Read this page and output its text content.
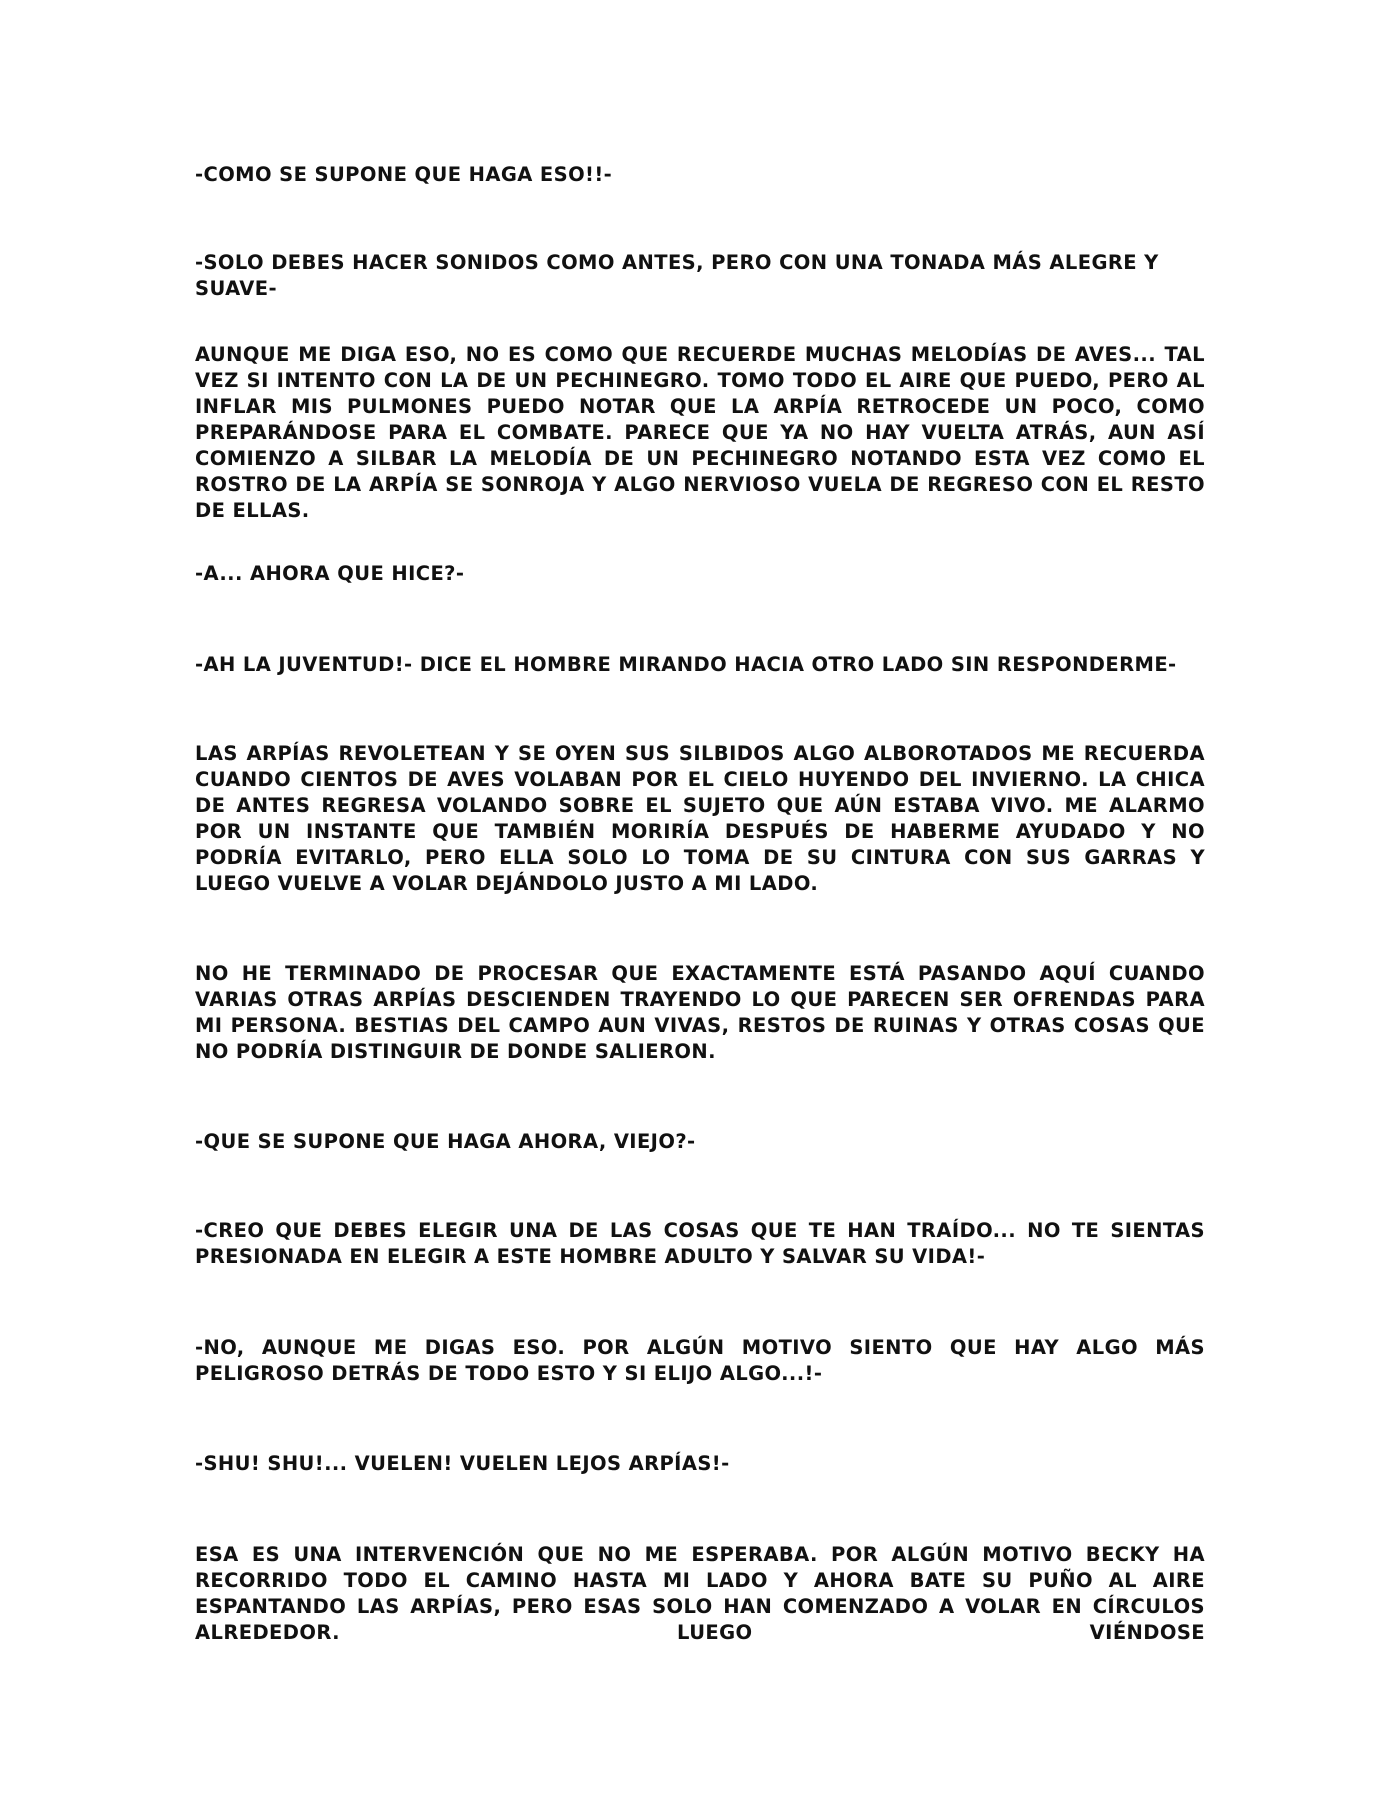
-COMO SE SUPONE QUE HAGA ESO!!-

-SOLO DEBES HACER SONIDOS COMO ANTES, PERO CON UNA TONADA MÁS ALEGRE Y SUAVE-

AUNQUE ME DIGA ESO, NO ES COMO QUE RECUERDE MUCHAS MELODÍAS DE AVES... TAL VEZ SI INTENTO CON LA DE UN PECHINEGRO. TOMO TODO EL AIRE QUE PUEDO, PERO AL INFLAR MIS PULMONES PUEDO NOTAR QUE LA ARPÍA RETROCEDE UN POCO, COMO PREPARÁNDOSE PARA EL COMBATE. PARECE QUE YA NO HAY VUELTA ATRÁS, AUN ASÍ COMIENZO A SILBAR LA MELODÍA DE UN PECHINEGRO NOTANDO ESTA VEZ COMO EL ROSTRO DE LA ARPÍA SE SONROJA Y ALGO NERVIOSO VUELA DE REGRESO CON EL RESTO DE ELLAS.

-A... AHORA QUE HICE?-

-AH LA JUVENTUD!- DICE EL HOMBRE MIRANDO HACIA OTRO LADO SIN RESPONDERME-

LAS ARPÍAS REVOLETEAN Y SE OYEN SUS SILBIDOS ALGO ALBOROTADOS ME RECUERDA CUANDO CIENTOS DE AVES VOLABAN POR EL CIELO HUYENDO DEL INVIERNO. LA CHICA DE ANTES REGRESA VOLANDO SOBRE EL SUJETO QUE AÚN ESTABA VIVO. ME ALARMO POR UN INSTANTE QUE TAMBIÉN MORIRÍA DESPUÉS DE HABERME AYUDADO Y NO PODRÍA EVITARLO, PERO ELLA SOLO LO TOMA DE SU CINTURA CON SUS GARRAS Y LUEGO VUELVE A VOLAR DEJÁNDOLO JUSTO A MI LADO.

NO HE TERMINADO DE PROCESAR QUE EXACTAMENTE ESTÁ PASANDO AQUÍ CUANDO VARIAS OTRAS ARPÍAS DESCIENDEN TRAYENDO LO QUE PARECEN SER OFRENDAS PARA MI PERSONA. BESTIAS DEL CAMPO AUN VIVAS, RESTOS DE RUINAS Y OTRAS COSAS QUE NO PODRÍA DISTINGUIR DE DONDE SALIERON.

-QUE SE SUPONE QUE HAGA AHORA, VIEJO?-

-CREO QUE DEBES ELEGIR UNA DE LAS COSAS QUE TE HAN TRAÍDO... NO TE SIENTAS PRESIONADA EN ELEGIR A ESTE HOMBRE ADULTO Y SALVAR SU VIDA!-

-NO, AUNQUE ME DIGAS ESO. POR ALGÚN MOTIVO SIENTO QUE HAY ALGO MÁS PELIGROSO DETRÁS DE TODO ESTO Y SI ELIJO ALGO...!-

-SHU! SHU!... VUELEN! VUELEN LEJOS ARPÍAS!-

ESA ES UNA INTERVENCIÓN QUE NO ME ESPERABA. POR ALGÚN MOTIVO BECKY HA RECORRIDO TODO EL CAMINO HASTA MI LADO Y AHORA BATE SU PUÑO AL AIRE ESPANTANDO LAS ARPÍAS, PERO ESAS SOLO HAN COMENZADO A VOLAR EN CÍRCULOS ALREDEDOR. LUEGO VIÉNDOSE
